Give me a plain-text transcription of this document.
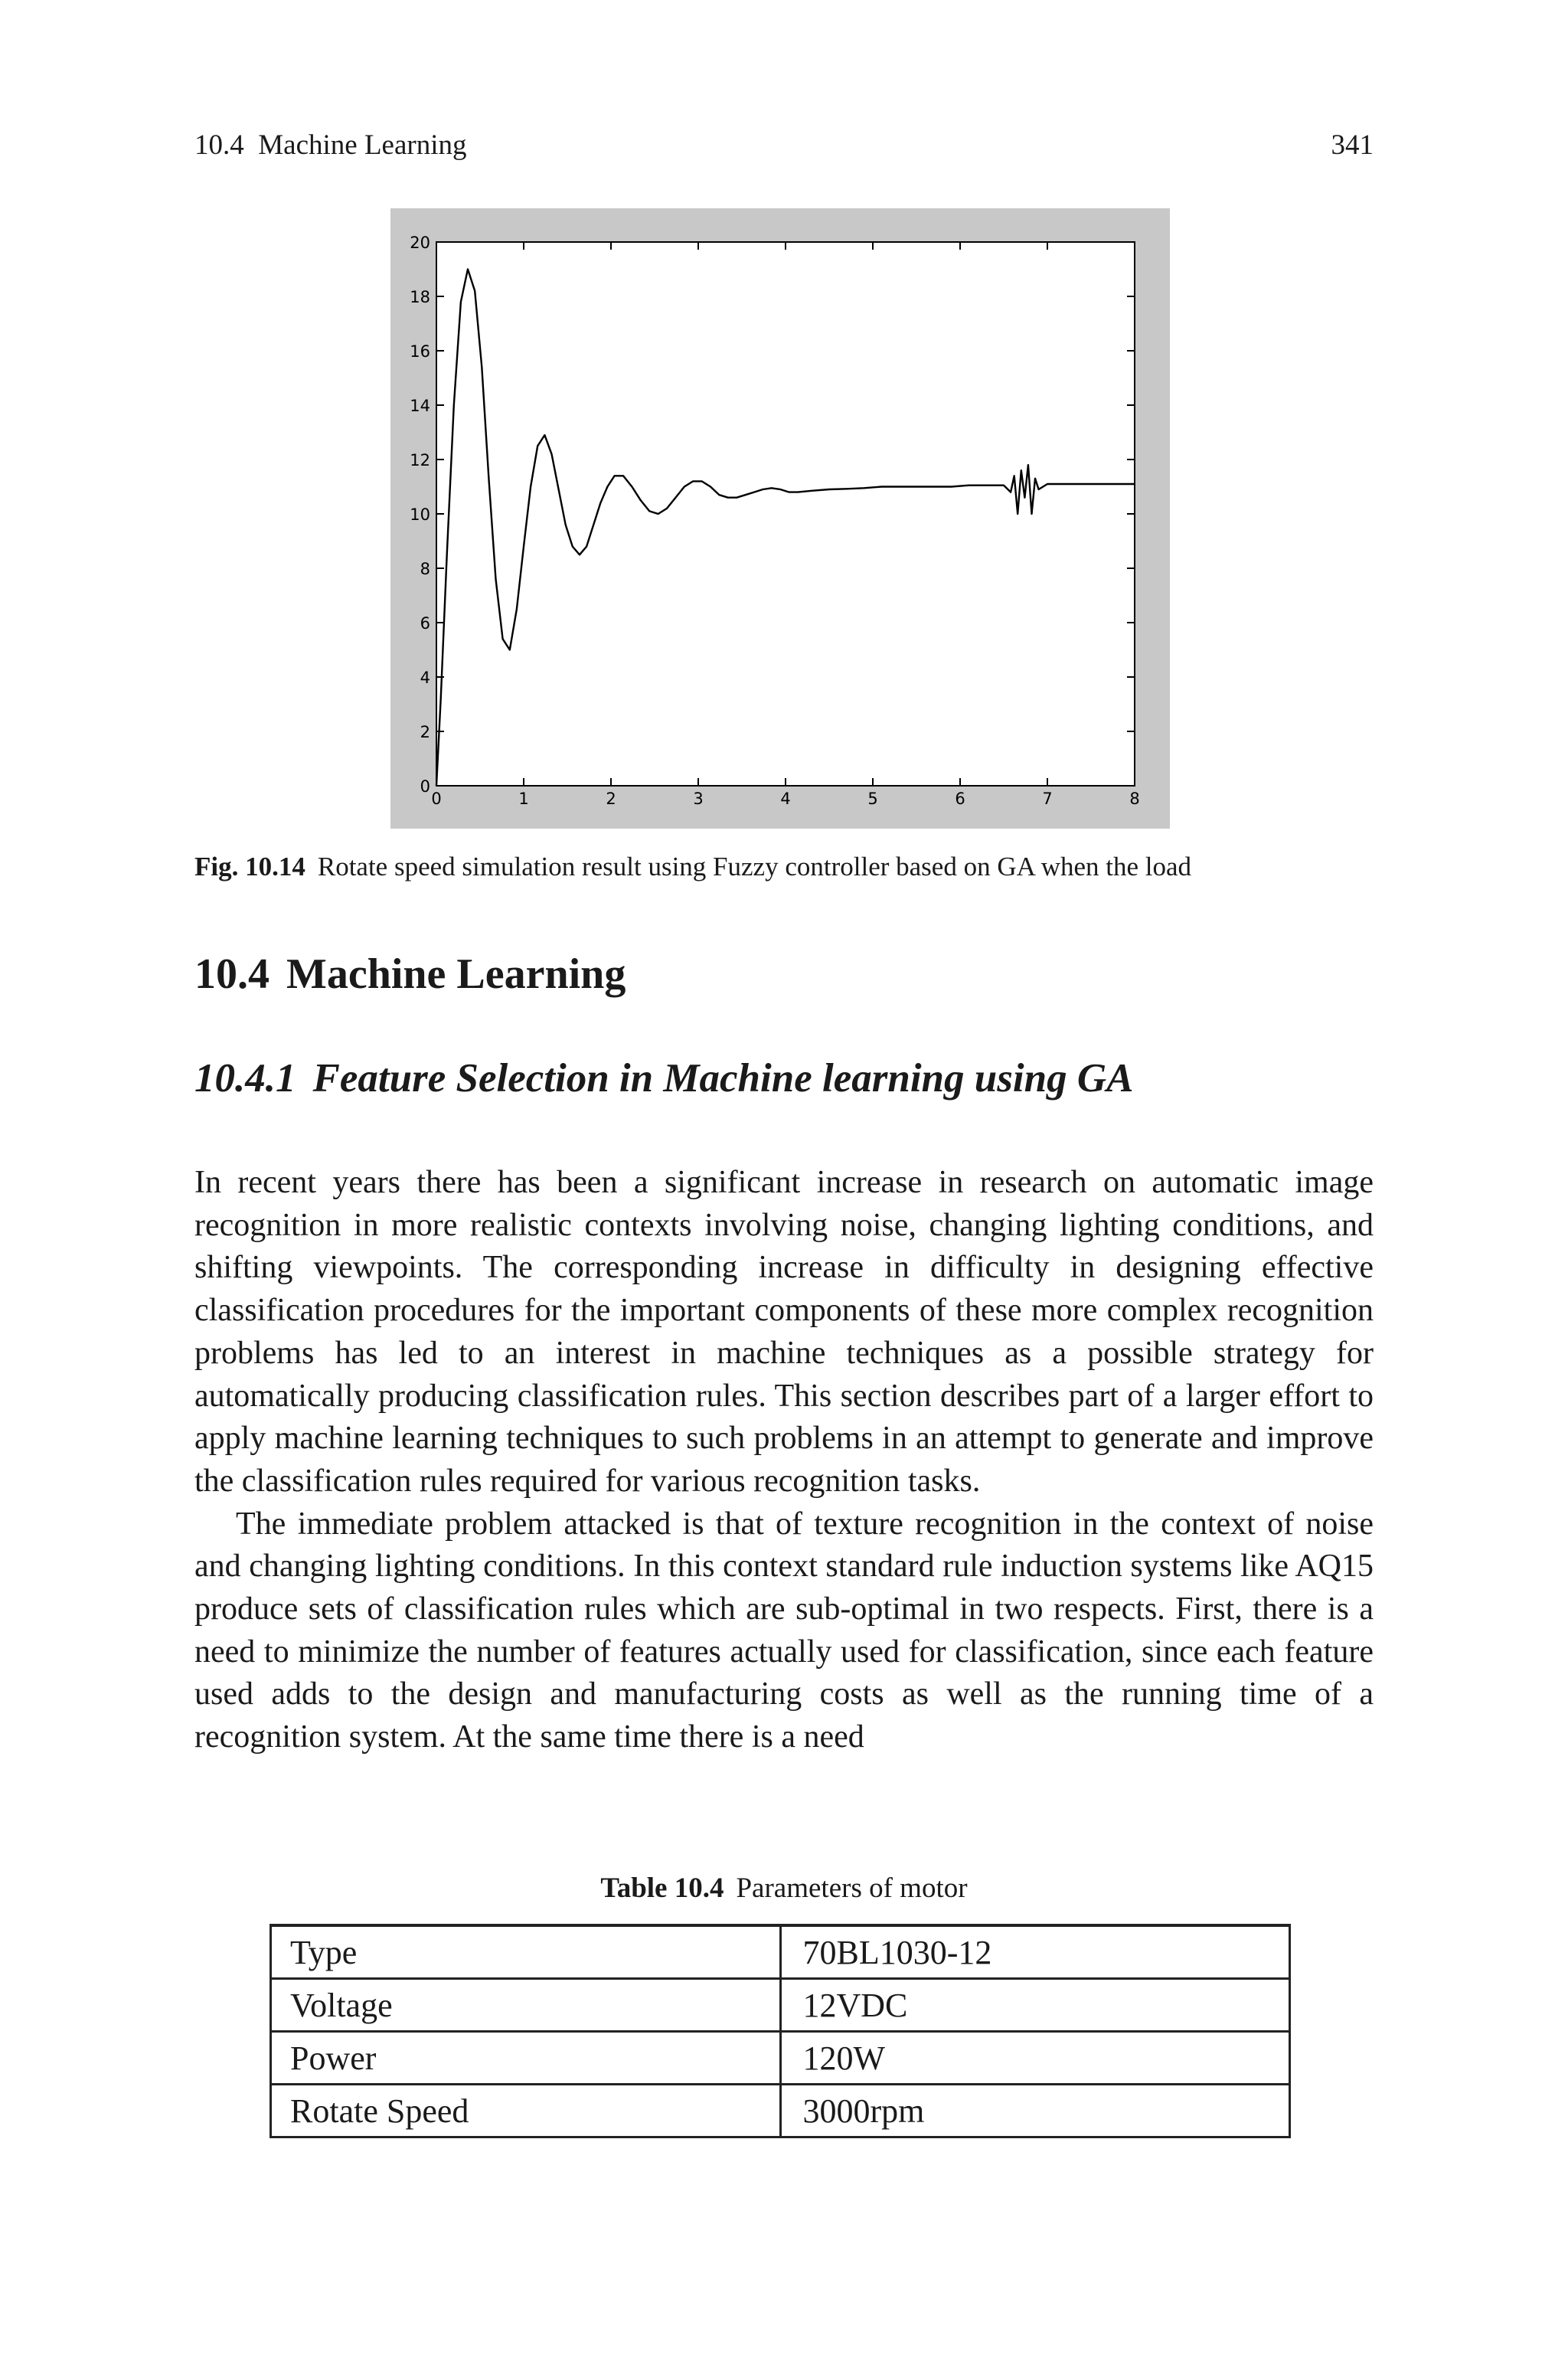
10.4  Machine Learning	341
0	1	2	3	4	5	6	7	8
0
2
4
6
8
10
12
14
16
18
20
Fig. 10.14 Rotate speed simulation result using Fuzzy controller based on GA when the load
10.4 Machine Learning
10.4.1 Feature Selection in Machine learning using GA

In recent years there has been a significant increase in research on automatic image recognition in more realistic contexts involving noise, changing lighting conditions, and shifting viewpoints. The corresponding increase in difficulty in designing effective classification procedures for the important components of these more complex recognition problems has led to an interest in machine techniques as a possible strategy for automatically producing classification rules. This section describes part of a larger effort to apply machine learning techniques to such problems in an attempt to generate and improve the classification rules required for various recognition tasks.

The immediate problem attacked is that of texture recognition in the context of noise and changing lighting conditions. In this context standard rule induction systems like AQ15 produce sets of classification rules which are sub-optimal in two respects. First, there is a need to minimize the number of features actually used for classification, since each feature used adds to the design and manufacturing costs as well as the running time of a recognition system. At the same time there is a need

Table 10.4 Parameters of motor
Type	70BL1030-12
Voltage	12VDC
Power	120W
Rotate Speed	3000rpm
